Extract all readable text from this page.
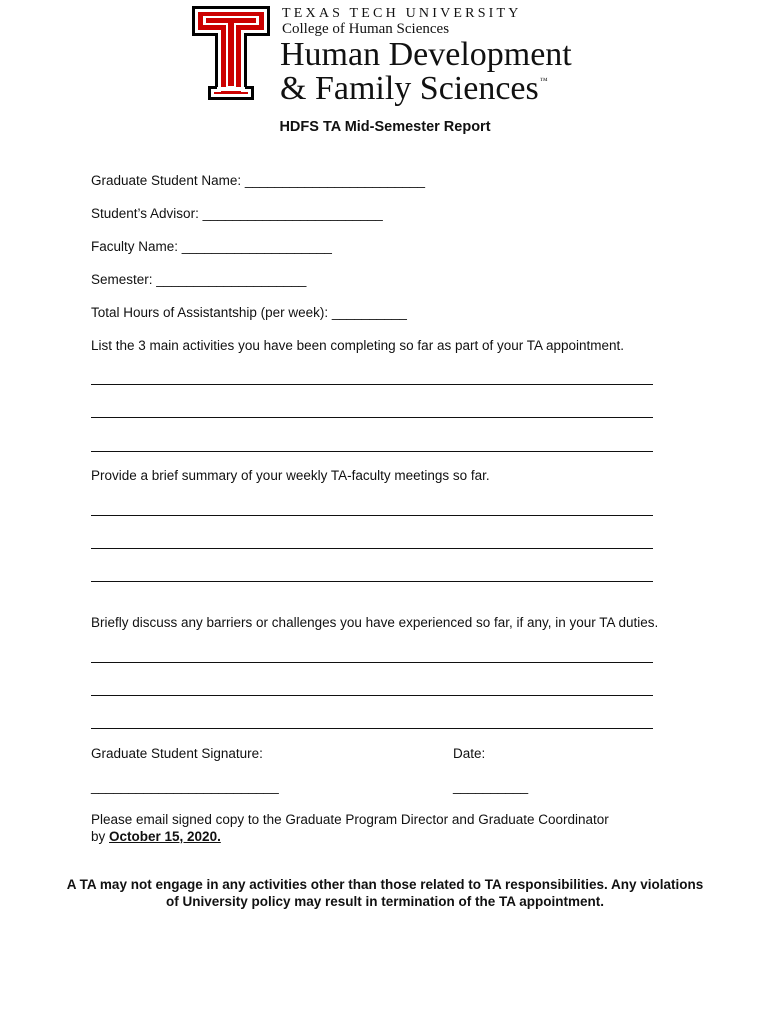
TEXAS TECH UNIVERSITY
College of Human Sciences
Human Development
& Family Sciences™
HDFS TA Mid-Semester Report
Graduate Student Name: ________________________
Student’s Advisor: ________________________
Faculty Name: ____________________
Semester: ____________________
Total Hours of Assistantship (per week): __________
List the 3 main activities you have been completing so far as part of your TA appointment.
Provide a brief summary of your weekly TA-faculty meetings so far.
Briefly discuss any barriers or challenges you have experienced so far, if any, in your TA duties.
Graduate Student Signature:	Date:
_________________________	__________
Please email signed copy to the Graduate Program Director and Graduate Coordinator
by October 15, 2020.
A TA may not engage in any activities other than those related to TA responsibilities. Any violations of University policy may result in termination of the TA appointment.
